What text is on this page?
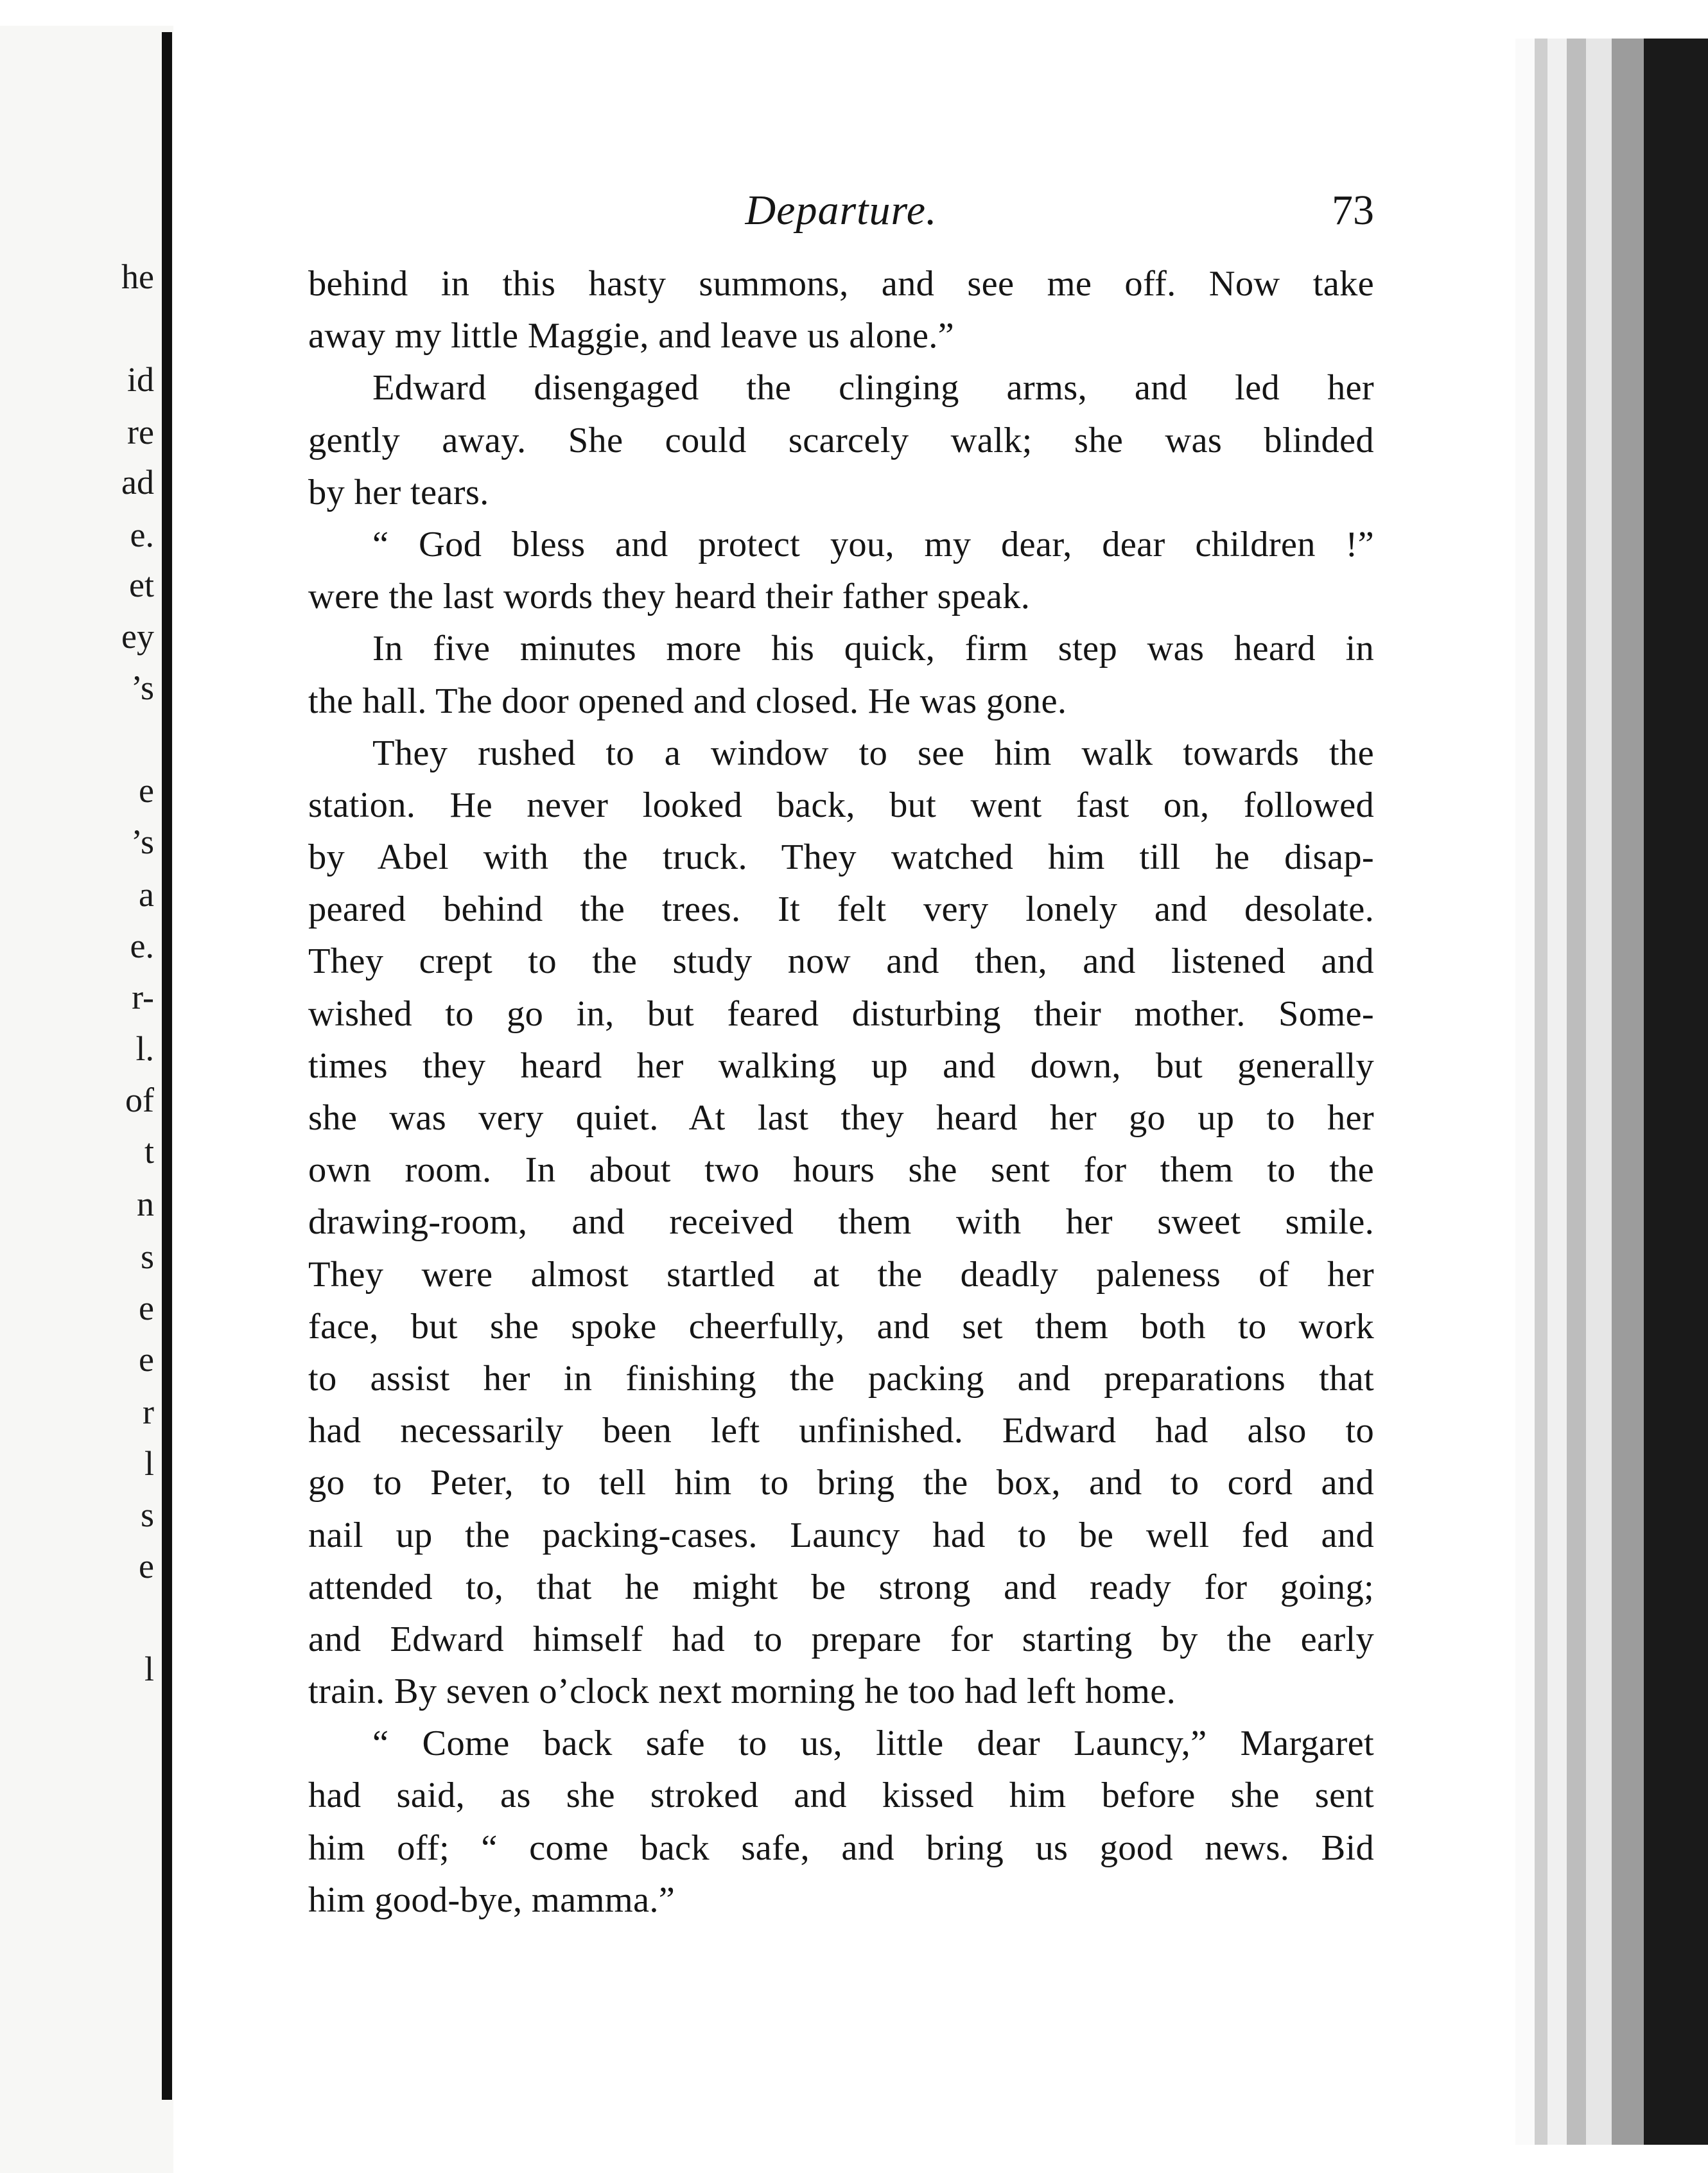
he
id
re
ad
e.
et
ey
’s
e
’s
a
e.
r-
l.
of
t
n
s
e
e
r
l
s
e
l
Departure.	73
behind in this hasty summons, and see me off. Now take
away my little Maggie, and leave us alone.”
Edward disengaged the clinging arms, and led her
gently away. She could scarcely walk; she was blinded
by her tears.
“ God bless and protect you, my dear, dear children !”
were the last words they heard their father speak.
In five minutes more his quick, firm step was heard in
the hall. The door opened and closed. He was gone.
They rushed to a window to see him walk towards the
station. He never looked back, but went fast on, followed
by Abel with the truck. They watched him till he disap-
peared behind the trees. It felt very lonely and desolate.
They crept to the study now and then, and listened and
wished to go in, but feared disturbing their mother. Some-
times they heard her walking up and down, but generally
she was very quiet. At last they heard her go up to her
own room. In about two hours she sent for them to the
drawing-room, and received them with her sweet smile.
They were almost startled at the deadly paleness of her
face, but she spoke cheerfully, and set them both to work
to assist her in finishing the packing and preparations that
had necessarily been left unfinished. Edward had also to
go to Peter, to tell him to bring the box, and to cord and
nail up the packing-cases. Launcy had to be well fed and
attended to, that he might be strong and ready for going;
and Edward himself had to prepare for starting by the early
train. By seven o’clock next morning he too had left home.
“ Come back safe to us, little dear Launcy,” Margaret
had said, as she stroked and kissed him before she sent
him off; “ come back safe, and bring us good news. Bid
him good-bye, mamma.”
